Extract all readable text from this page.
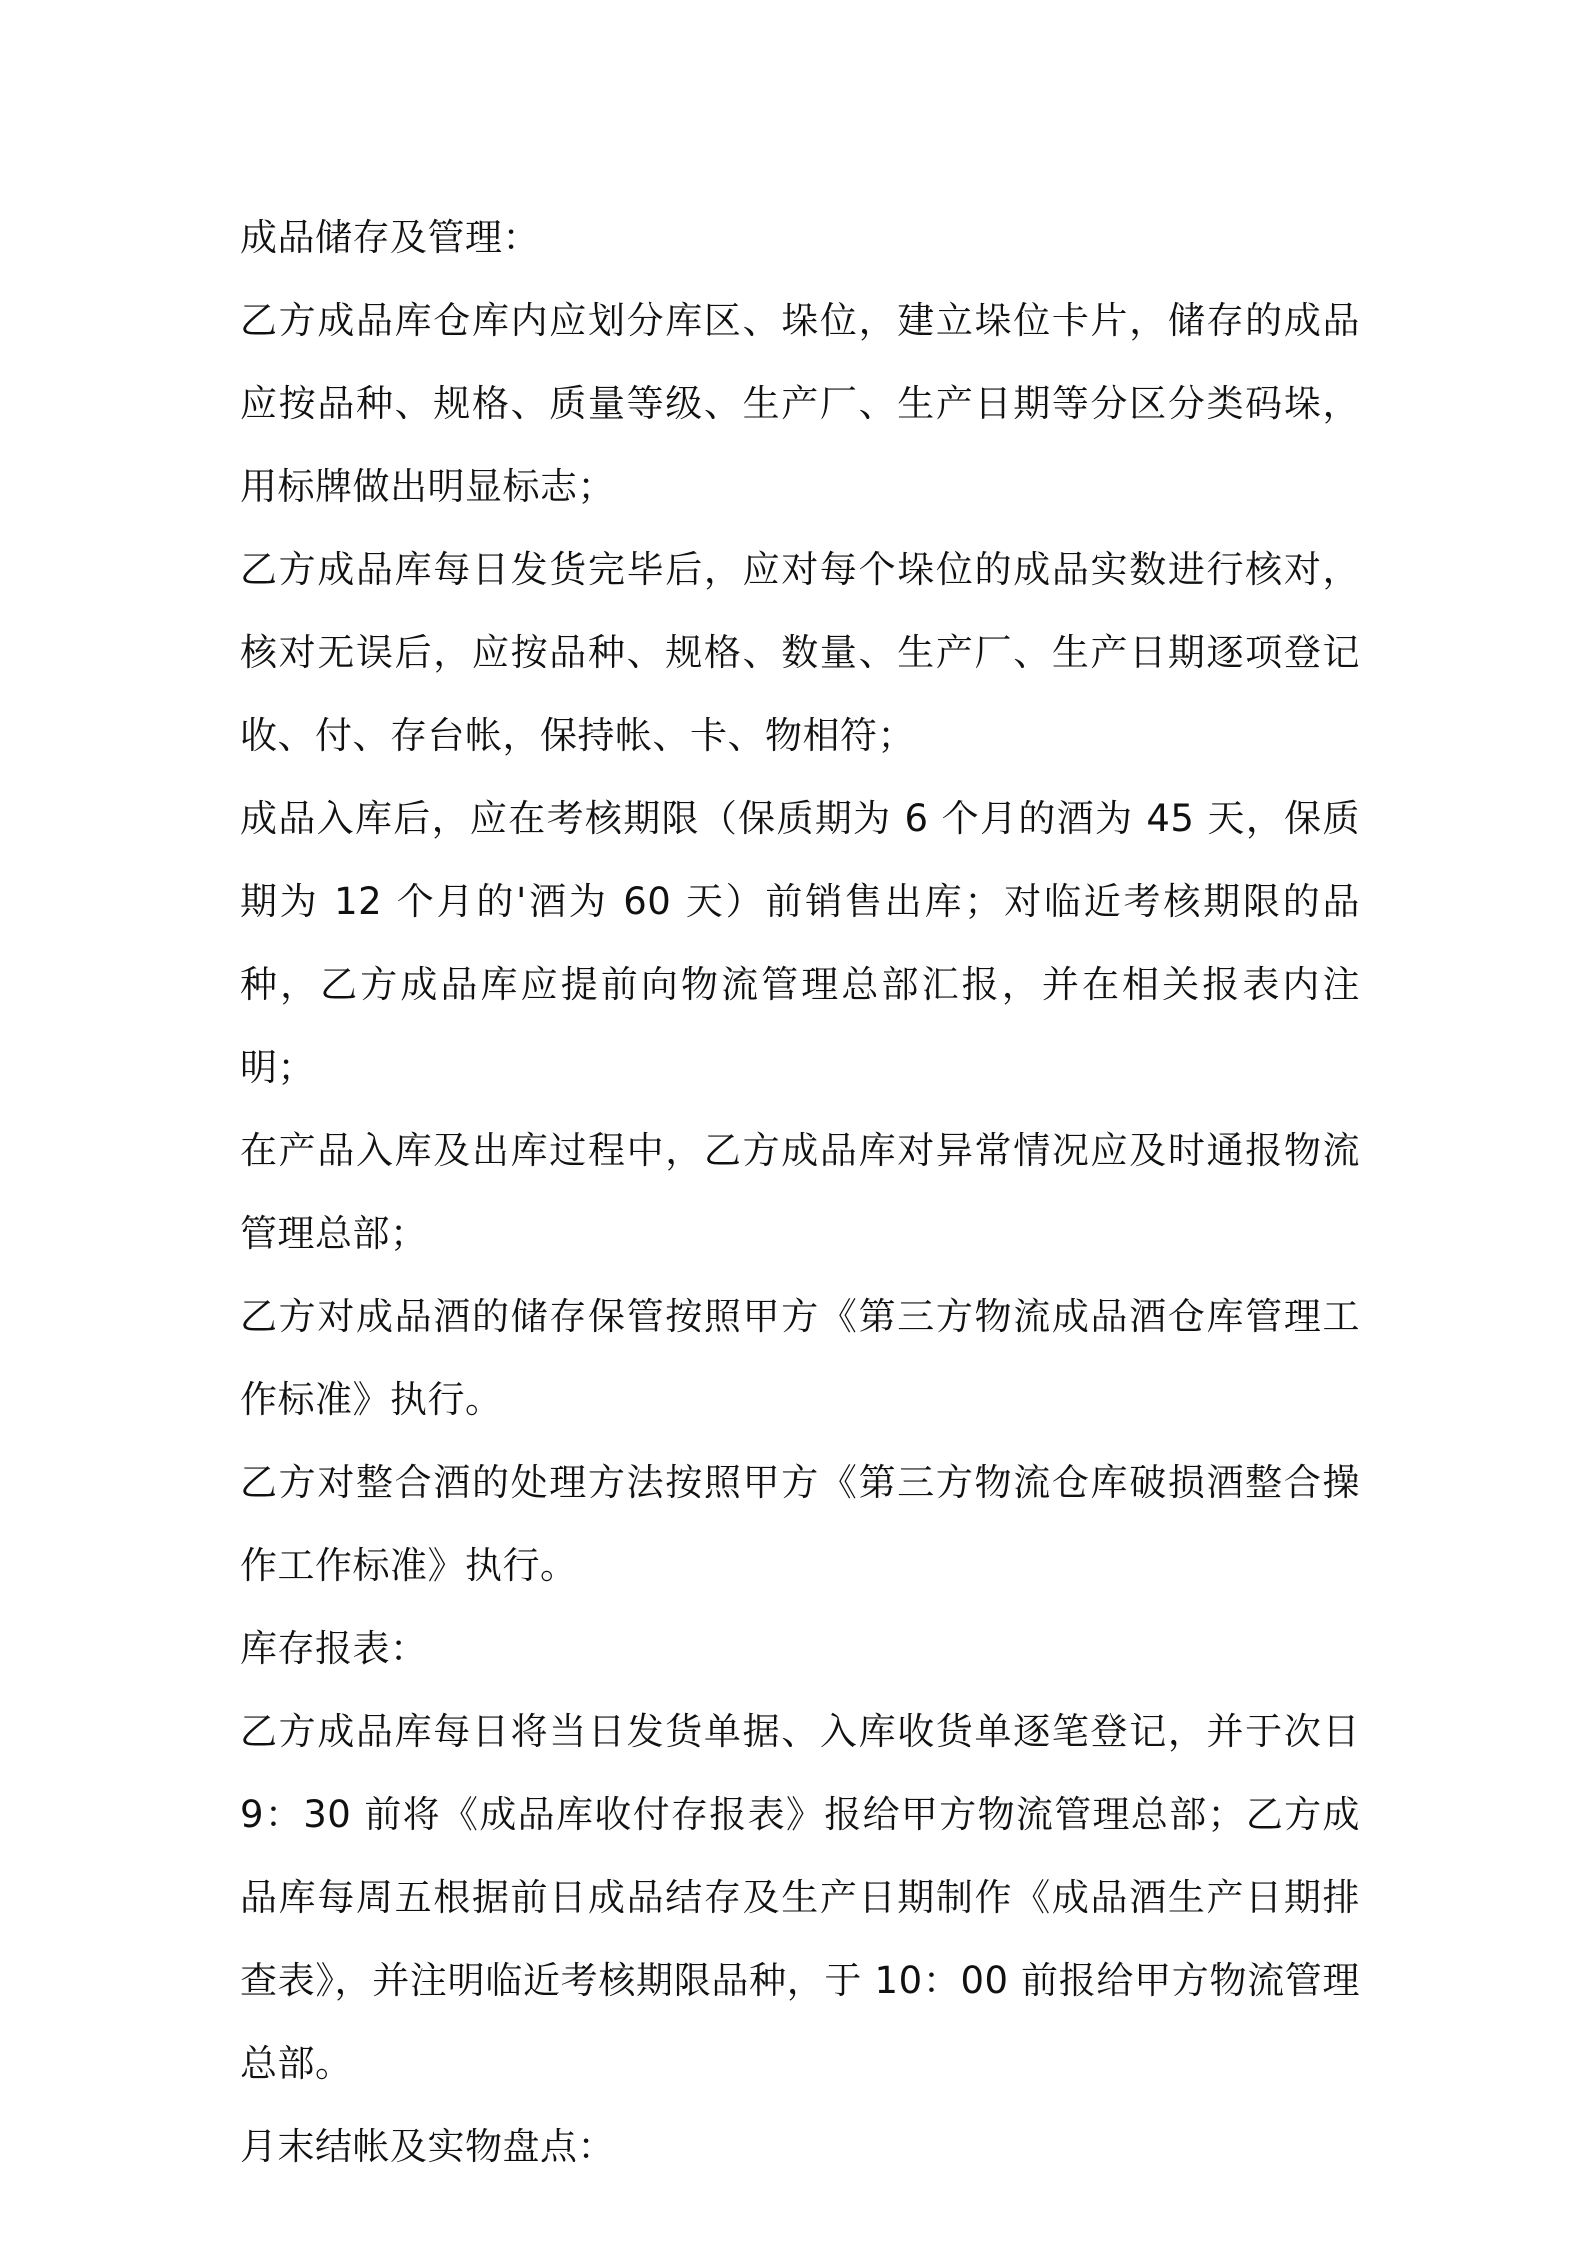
成品储存及管理：

乙方成品库仓库内应划分库区、垛位，建立垛位卡片，储存的成品应按品种、规格、质量等级、生产厂、生产日期等分区分类码垛，用标牌做出明显标志；

乙方成品库每日发货完毕后，应对每个垛位的成品实数进行核对，核对无误后，应按品种、规格、数量、生产厂、生产日期逐项登记收、付、存台帐，保持帐、卡、物相符；

成品入库后，应在考核期限（保质期为 6 个月的酒为 45 天，保质期为 12 个月的'酒为 60 天）前销售出库；对临近考核期限的品种，乙方成品库应提前向物流管理总部汇报，并在相关报表内注明；

在产品入库及出库过程中，乙方成品库对异常情况应及时通报物流管理总部；

乙方对成品酒的储存保管按照甲方《第三方物流成品酒仓库管理工作标准》执行。

乙方对整合酒的处理方法按照甲方《第三方物流仓库破损酒整合操作工作标准》执行。

库存报表：

乙方成品库每日将当日发货单据、入库收货单逐笔登记，并于次日 9：30 前将《成品库收付存报表》报给甲方物流管理总部；乙方成品库每周五根据前日成品结存及生产日期制作《成品酒生产日期排查表》，并注明临近考核期限品种，于 10：00 前报给甲方物流管理总部。

月末结帐及实物盘点：
